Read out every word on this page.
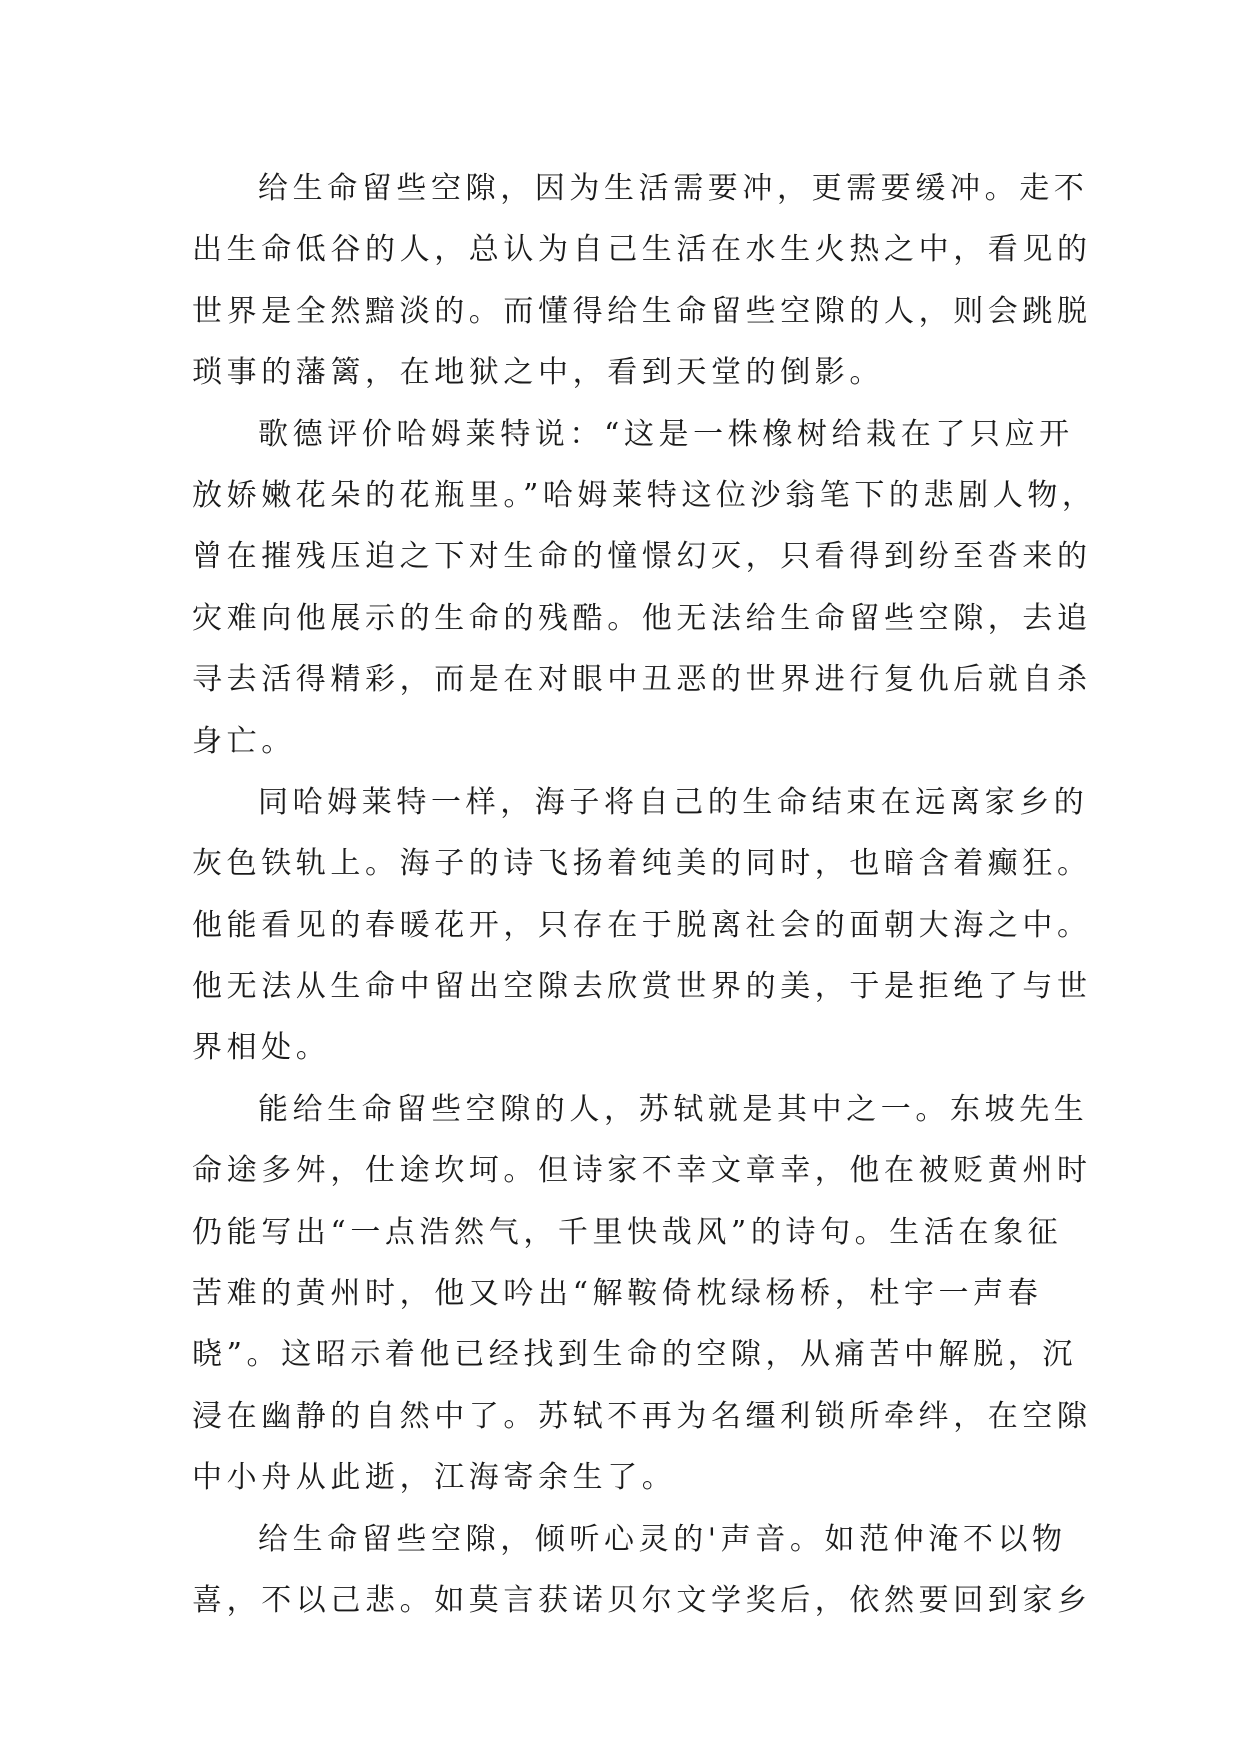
给生命留些空隙，因为生活需要冲，更需要缓冲。走不
出生命低谷的人，总认为自己生活在水生火热之中，看见的
世界是全然黯淡的。而懂得给生命留些空隙的人，则会跳脱
琐事的藩篱，在地狱之中，看到天堂的倒影。
歌德评价哈姆莱特说：“这是一株橡树给栽在了只应开
放娇嫩花朵的花瓶里。”哈姆莱特这位沙翁笔下的悲剧人物，
曾在摧残压迫之下对生命的憧憬幻灭，只看得到纷至沓来的
灾难向他展示的生命的残酷。他无法给生命留些空隙，去追
寻去活得精彩，而是在对眼中丑恶的世界进行复仇后就自杀
身亡。
同哈姆莱特一样，海子将自己的生命结束在远离家乡的
灰色铁轨上。海子的诗飞扬着纯美的同时，也暗含着癫狂。
他能看见的春暖花开，只存在于脱离社会的面朝大海之中。
他无法从生命中留出空隙去欣赏世界的美，于是拒绝了与世
界相处。
能给生命留些空隙的人，苏轼就是其中之一。东坡先生
命途多舛，仕途坎坷。但诗家不幸文章幸，他在被贬黄州时
仍能写出“一点浩然气，千里快哉风”的诗句。生活在象征
苦难的黄州时，他又吟出“解鞍倚枕绿杨桥，杜宇一声春
晓”。这昭示着他已经找到生命的空隙，从痛苦中解脱，沉
浸在幽静的自然中了。苏轼不再为名缰利锁所牵绊，在空隙
中小舟从此逝，江海寄余生了。
给生命留些空隙，倾听心灵的'声音。如范仲淹不以物
喜，不以己悲。如莫言获诺贝尔文学奖后，依然要回到家乡
